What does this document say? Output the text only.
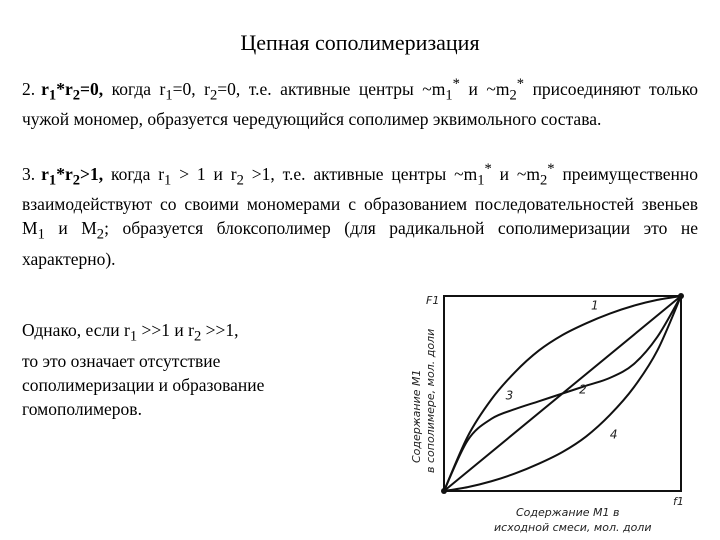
Цепная сополимеризация
2. $r_1*r_2=0$, когда $r_1=0$, $r_2=0$, т.е. активные центры $\sim m_1^*$ и $\sim m_2^*$ присоединяют только чужой мономер, образуется чередующийся сополимер эквимольного состава.
3. $r_1*r_2>1$, когда $r_1 > 1$ и $r_2 >1$, т.е. активные центры $\sim m_1^*$ и $\sim m_2^*$ преимущественно взаимодействуют со своими мономерами с образованием последовательностей звеньев $M_1$ и $M_2$; образуется блоксополимер (для радикальной сополимеризации это не характерно).
Однако, если $r_1 >>1$ и $r_2 >>1$,
то это означает отсутствие
сополимеризации и образование
гомополимеров.
1
2
3
4
F1
f1
Содержание M1 в сополимере, мол. доли
Содержание M1 в
исходной смеси, мол. доли
